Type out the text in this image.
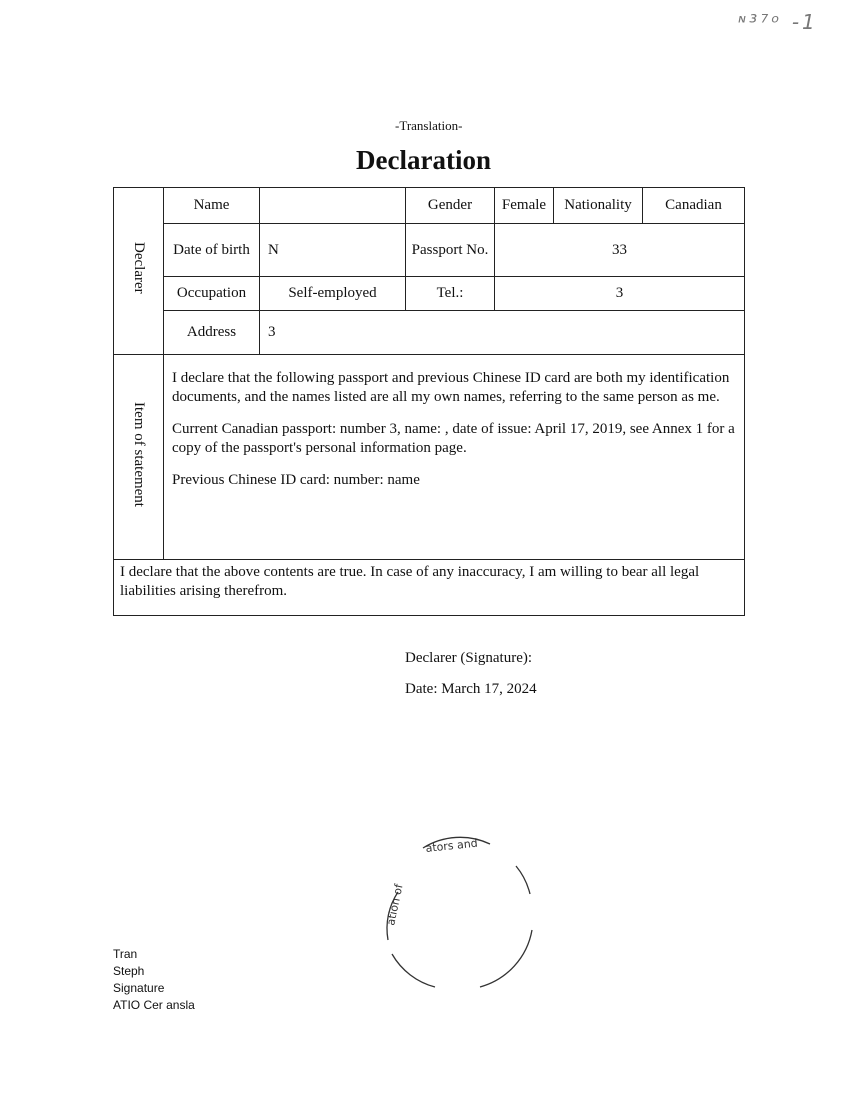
ᶰ³⁷ᵒ -1
-Translation-
Declaration
Declarer	Name		Gender	Female	Nationality	Canadian
	Date of birth	N	Passport No.	33		
	Occupation	Self-employed	Tel.:	3		
	Address	3				
Item of statement	I declare that the following passport and previous Chinese ID card are both my identification documents, and the names listed are all my own names, referring to the same person as me.

Current Canadian passport: number 3, name: , date of issue: April 17, 2019, see Annex 1 for a copy of the passport's personal information page.

Previous Chinese ID card: number: name					

I declare that the above contents are true. In case of any inaccuracy, I am willing to bear all legal liabilities arising therefrom.						
Declarer (Signature):
Date: March 17, 2024
ators and
ation of
Tran
Steph
Signature
ATIO Cer ansla
